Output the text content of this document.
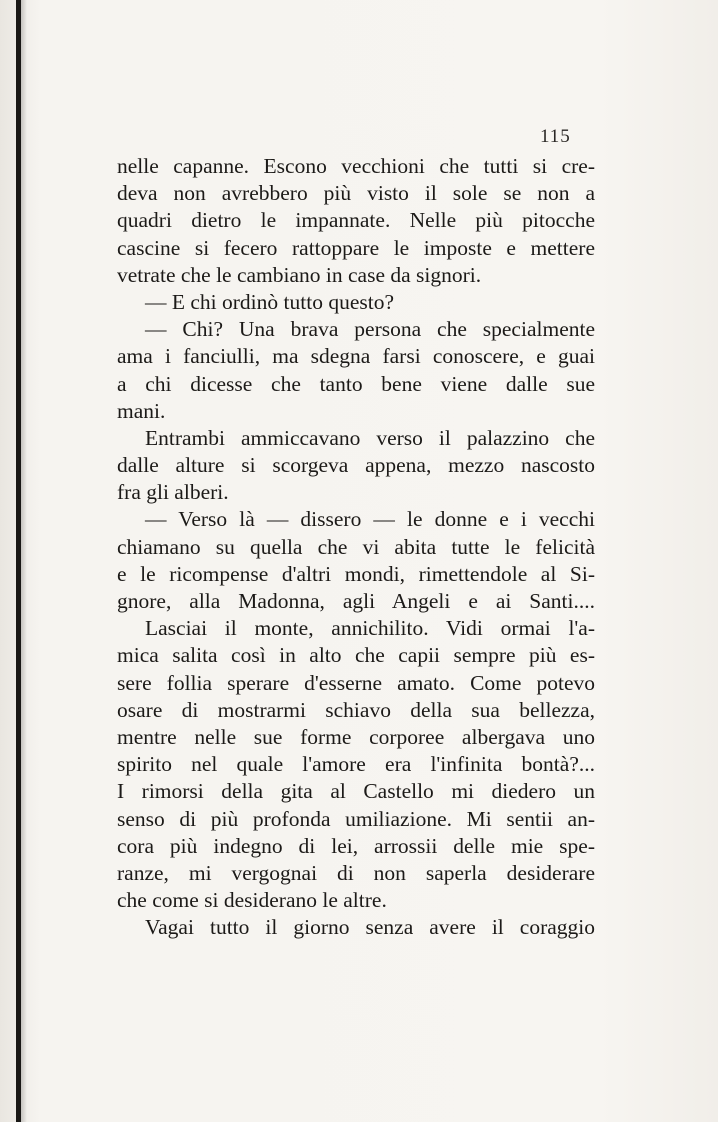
115
nelle capanne. Escono vecchioni che tutti si cre-
deva non avrebbero più visto il sole se non a
quadri dietro le impannate. Nelle più pitocche
cascine si fecero rattoppare le imposte e mettere
vetrate che le cambiano in case da signori.
— E chi ordinò tutto questo?
— Chi? Una brava persona che specialmente
ama i fanciulli, ma sdegna farsi conoscere, e guai
a chi dicesse che tanto bene viene dalle sue
mani.
Entrambi ammiccavano verso il palazzino che
dalle alture si scorgeva appena, mezzo nascosto
fra gli alberi.
— Verso là — dissero — le donne e i vecchi
chiamano su quella che vi abita tutte le felicità
e le ricompense d'altri mondi, rimettendole al Si-
gnore, alla Madonna, agli Angeli e ai Santi....
Lasciai il monte, annichilito. Vidi ormai l'a-
mica salita così in alto che capii sempre più es-
sere follia sperare d'esserne amato. Come potevo
osare di mostrarmi schiavo della sua bellezza,
mentre nelle sue forme corporee albergava uno
spirito nel quale l'amore era l'infinita bontà?...
I rimorsi della gita al Castello mi diedero un
senso di più profonda umiliazione. Mi sentii an-
cora più indegno di lei, arrossii delle mie spe-
ranze, mi vergognai di non saperla desiderare
che come si desiderano le altre.
Vagai tutto il giorno senza avere il coraggio
